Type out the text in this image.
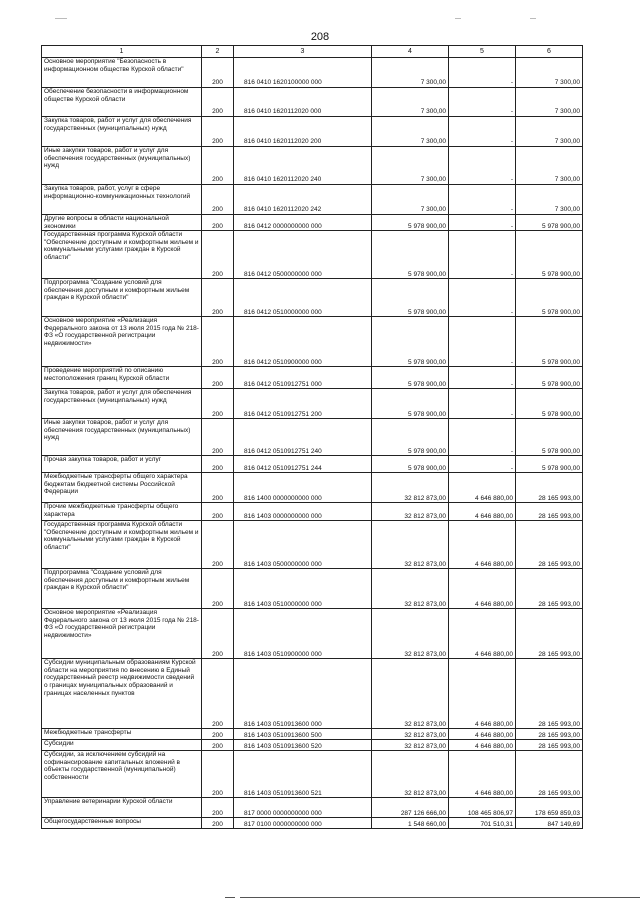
208
1	2	3	4	5	6
Основное мероприятие "Безопасность в информационном обществе Курской области"	200	816 0410 1620100000 000	7 300,00	-	7 300,00
Обеспечение безопасности в информационном обществе Курской области	200	816 0410 1620112020 000	7 300,00	-	7 300,00
Закупка товаров, работ и услуг для обеспечения государственных (муниципальных) нужд	200	816 0410 1620112020 200	7 300,00	-	7 300,00
Иные закупки товаров, работ и услуг для обеспечения государственных (муниципальных) нужд	200	816 0410 1620112020 240	7 300,00	-	7 300,00
Закупка товаров, работ, услуг в сфере информационно-коммуникационных технологий	200	816 0410 1620112020 242	7 300,00	-	7 300,00
Другие вопросы в области национальной экономики	200	816 0412 0000000000 000	5 978 900,00	-	5 978 900,00
Государственная программа Курской области "Обеспечение доступным и комфортным жильем и коммунальными услугами граждан в Курской области"	200	816 0412 0500000000 000	5 978 900,00	-	5 978 900,00
Подпрограмма "Создание условий для обеспечения доступным и комфортным жильем граждан в Курской области"	200	816 0412 0510000000 000	5 978 900,00	-	5 978 900,00
Основное мероприятие «Реализация Федерального закона от 13 июля 2015 года № 218-ФЗ «О государственной регистрации недвижимости»	200	816 0412 0510900000 000	5 978 900,00	-	5 978 900,00
Проведение мероприятий по описанию местоположения границ Курской области	200	816 0412 0510912751 000	5 978 900,00	-	5 978 900,00
Закупка товаров, работ и услуг для обеспечения государственных (муниципальных) нужд	200	816 0412 0510912751 200	5 978 900,00	-	5 978 900,00
Иные закупки товаров, работ и услуг для обеспечения государственных (муниципальных) нужд	200	816 0412 0510912751 240	5 978 900,00	-	5 978 900,00
Прочая закупка товаров, работ и услуг	200	816 0412 0510912751 244	5 978 900,00	-	5 978 900,00
Межбюджетные трансферты общего характера бюджетам бюджетной системы Российской Федерации	200	816 1400 0000000000 000	32 812 873,00	4 646 880,00	28 165 993,00
Прочие межбюджетные трансферты общего характера	200	816 1403 0000000000 000	32 812 873,00	4 646 880,00	28 165 993,00
Государственная программа Курской области "Обеспечение доступным и комфортным жильем и коммунальными услугами граждан в Курской области"	200	816 1403 0500000000 000	32 812 873,00	4 646 880,00	28 165 993,00
Подпрограмма "Создание условий для обеспечения доступным и комфортным жильем граждан в Курской области"	200	816 1403 0510000000 000	32 812 873,00	4 646 880,00	28 165 993,00
Основное мероприятие «Реализация Федерального закона от 13 июля 2015 года № 218-ФЗ «О государственной регистрации недвижимости»	200	816 1403 0510900000 000	32 812 873,00	4 646 880,00	28 165 993,00
Субсидии муниципальным образованиям Курской области на мероприятия по внесению в Единый государственный реестр недвижимости сведений о границах муниципальных образований и границах населенных пунктов	200	816 1403 0510913600 000	32 812 873,00	4 646 880,00	28 165 993,00
Межбюджетные трансферты	200	816 1403 0510913600 500	32 812 873,00	4 646 880,00	28 165 993,00
Субсидии	200	816 1403 0510913600 520	32 812 873,00	4 646 880,00	28 165 993,00
Субсидии, за исключением субсидий на софинансирование капитальных вложений в объекты государственной (муниципальной) собственности	200	816 1403 0510913600 521	32 812 873,00	4 646 880,00	28 165 993,00
Управление ветеринарии Курской области	200	817 0000 0000000000 000	287 126 666,00	108 465 806,97	178 659 859,03
Общегосударственные вопросы	200	817 0100 0000000000 000	1 548 660,00	701 510,31	847 149,69
